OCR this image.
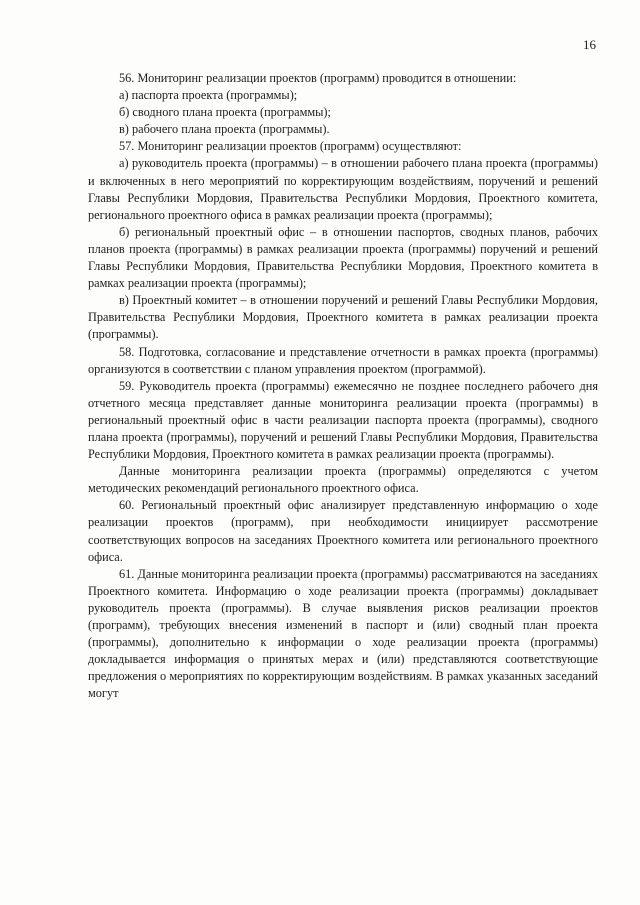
16

56. Мониторинг реализации проектов (программ) проводится в отношении:

а) паспорта проекта (программы);

б) сводного плана проекта (программы);

в) рабочего плана проекта (программы).

57. Мониторинг реализации проектов (программ) осуществляют:

а) руководитель проекта (программы) – в отношении рабочего плана проекта (программы) и включенных в него мероприятий по корректирующим воздействиям, поручений и решений Главы Республики Мордовия, Правительства Республики Мордовия, Проектного комитета, регионального проектного офиса в рамках реализации проекта (программы);

б) региональный проектный офис – в отношении паспортов, сводных планов, рабочих планов проекта (программы) в рамках реализации проекта (программы) поручений и решений Главы Республики Мордовия, Правительства Республики Мордовия, Проектного комитета в рамках реализации проекта (программы);

в) Проектный комитет – в отношении поручений и решений Главы Республики Мордовия, Правительства Республики Мордовия, Проектного комитета в рамках реализации проекта (программы).

58. Подготовка, согласование и представление отчетности в рамках проекта (программы) организуются в соответствии с планом управления проектом (программой).

59. Руководитель проекта (программы) ежемесячно не позднее последнего рабочего дня отчетного месяца представляет данные мониторинга реализации проекта (программы) в региональный проектный офис в части реализации паспорта проекта (программы), сводного плана проекта (программы), поручений и решений Главы Республики Мордовия, Правительства Республики Мордовия, Проектного комитета в рамках реализации проекта (программы).

Данные мониторинга реализации проекта (программы) определяются с учетом методических рекомендаций регионального проектного офиса.

60. Региональный проектный офис анализирует представленную информацию о ходе реализации проектов (программ), при необходимости инициирует рассмотрение соответствующих вопросов на заседаниях Проектного комитета или регионального проектного офиса.

61. Данные мониторинга реализации проекта (программы) рассматриваются на заседаниях Проектного комитета. Информацию о ходе реализации проекта (программы) докладывает руководитель проекта (программы). В случае выявления рисков реализации проектов (программ), требующих внесения изменений в паспорт и (или) сводный план проекта (программы), дополнительно к информации о ходе реализации проекта (программы) докладывается информация о принятых мерах и (или) представляются соответствующие предложения о мероприятиях по корректирующим воздействиям. В рамках указанных заседаний могут
